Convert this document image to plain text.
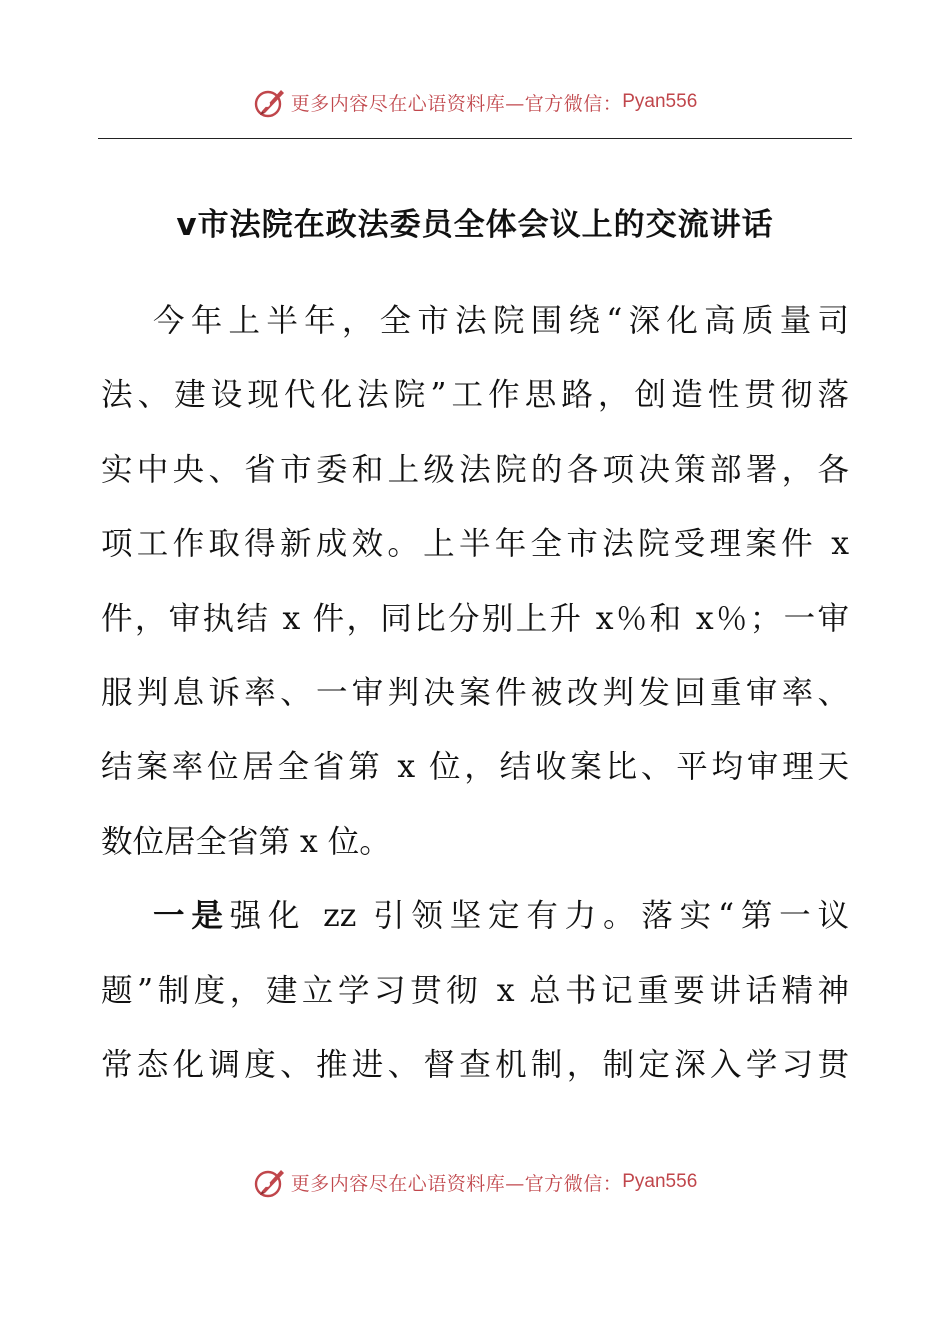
更多内容尽在心语资料库—官方微信： Pyan556
v市法院在政法委员全体会议上的交流讲话
今年上半年，全市法院围绕“深化高质量司
法、建设现代化法院”工作思路，创造性贯彻落
实中央、省市委和上级法院的各项决策部署，各
项工作取得新成效。上半年全市法院受理案件 x
件，审执结 x 件，同比分别上升 x％和 x％；一审
服判息诉率、一审判决案件被改判发回重审率、
结案率位居全省第 x 位，结收案比、平均审理天
数位居全省第 x 位。
一是强化 zz 引领坚定有力。落实“第一议
题”制度，建立学习贯彻 x 总书记重要讲话精神
常态化调度、推进、督查机制，制定深入学习贯
更多内容尽在心语资料库—官方微信： Pyan556
